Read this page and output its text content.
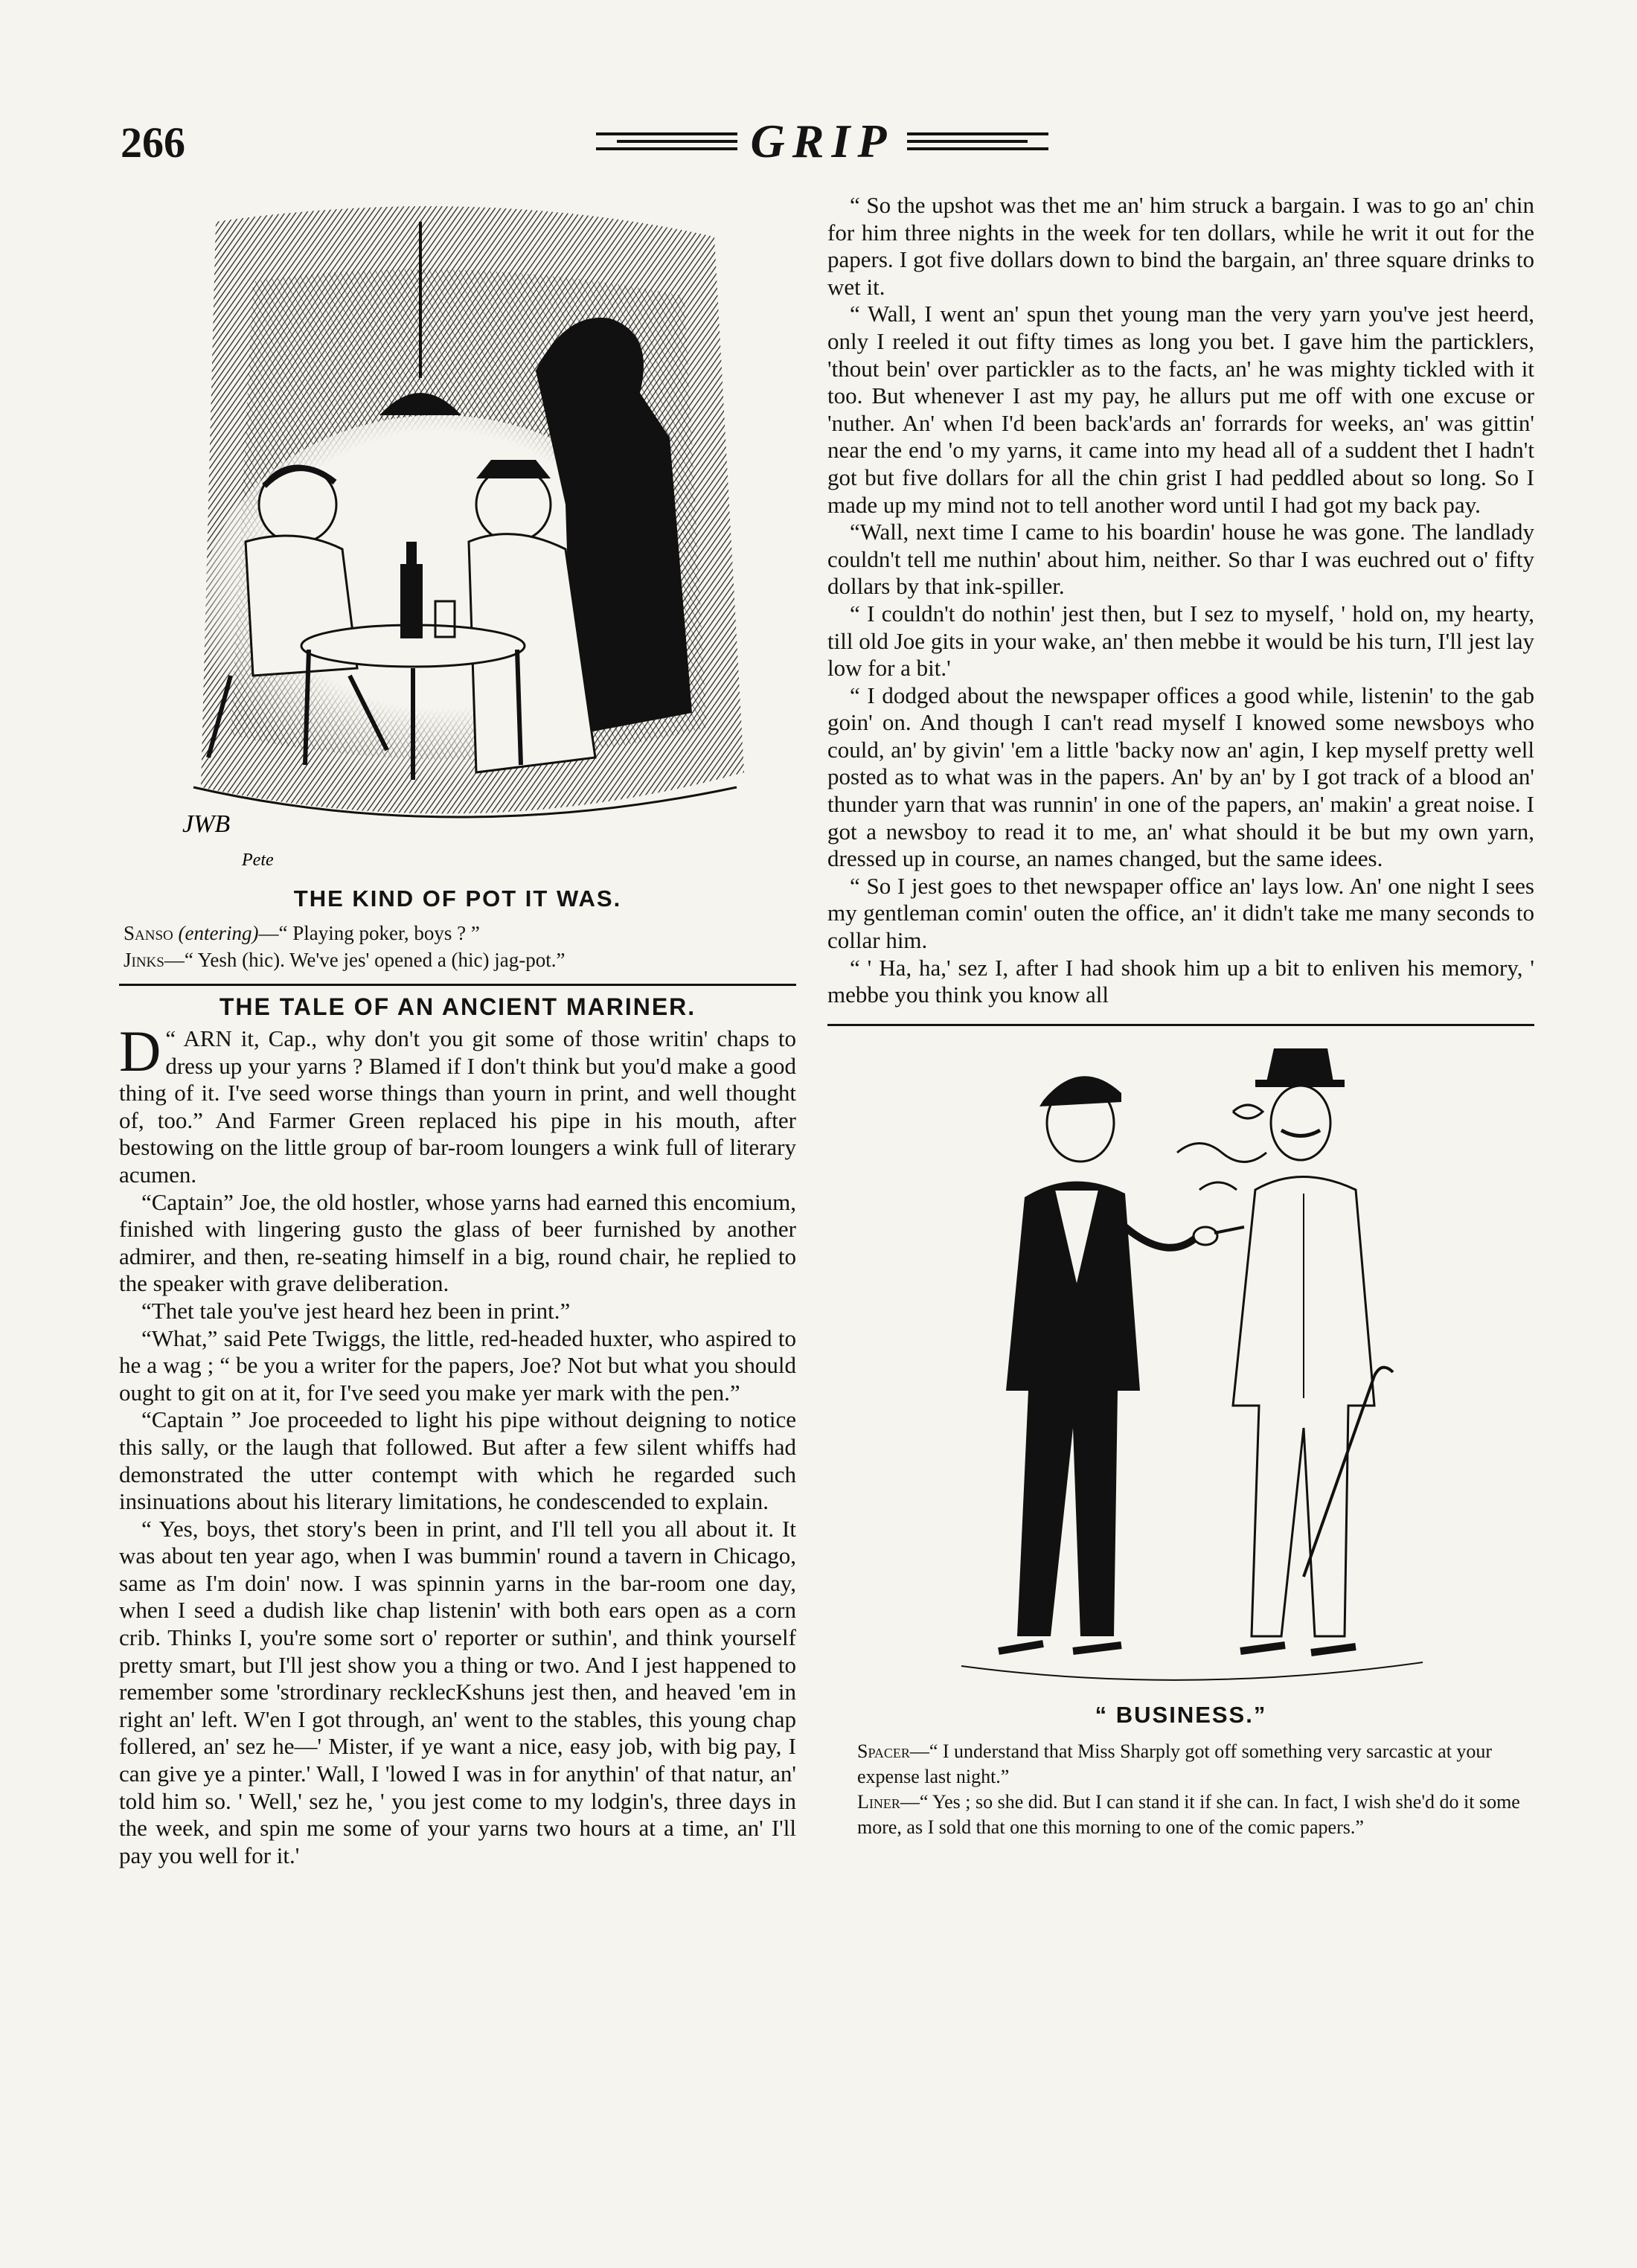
266	GRIP
JWB
Pete
THE KIND OF POT IT WAS.

Sanso (entering)—“ Playing poker, boys ? ”

Jinks—“ Yesh (hic). We've jes' opened a (hic) jag-pot.”

THE TALE OF AN ANCIENT MARINER.

D “ ARN it, Cap., why don't you git some of those writin' chaps to dress up your yarns ? Blamed if I don't think but you'd make a good thing of it. I've seed worse things than yourn in print, and well thought of, too.” And Farmer Green replaced his pipe in his mouth, after bestowing on the little group of bar-room loungers a wink full of literary acumen.

“Captain” Joe, the old hostler, whose yarns had earned this encomium, finished with lingering gusto the glass of beer furnished by another admirer, and then, re-seating himself in a big, round chair, he replied to the speaker with grave deliberation.

“Thet tale you've jest heard hez been in print.”

“What,” said Pete Twiggs, the little, red-headed huxter, who aspired to he a wag ; “ be you a writer for the papers, Joe? Not but what you should ought to git on at it, for I've seed you make yer mark with the pen.”

“Captain ” Joe proceeded to light his pipe without deigning to notice this sally, or the laugh that followed. But after a few silent whiffs had demonstrated the utter contempt with which he regarded such insinuations about his literary limitations, he condescended to explain.

“ Yes, boys, thet story's been in print, and I'll tell you all about it. It was about ten year ago, when I was bummin' round a tavern in Chicago, same as I'm doin' now. I was spinnin yarns in the bar-room one day, when I seed a dudish like chap listenin' with both ears open as a corn crib. Thinks I, you're some sort o' reporter or suthin', and think yourself pretty smart, but I'll jest show you a thing or two. And I jest happened to remember some 'strordinary recklecKshuns jest then, and heaved 'em in right an' left. W'en I got through, an' went to the stables, this young chap follered, an' sez he—' Mister, if ye want a nice, easy job, with big pay, I can give ye a pinter.' Wall, I 'lowed I was in for anythin' of that natur, an' told him so. ' Well,' sez he, ' you jest come to my lodgin's, three days in the week, and spin me some of your yarns two hours at a time, an' I'll pay you well for it.'

“ So the upshot was thet me an' him struck a bargain. I was to go an' chin for him three nights in the week for ten dollars, while he writ it out for the papers. I got five dollars down to bind the bargain, an' three square drinks to wet it.

“ Wall, I went an' spun thet young man the very yarn you've jest heerd, only I reeled it out fifty times as long you bet. I gave him the particklers, 'thout bein' over partickler as to the facts, an' he was mighty tickled with it too. But whenever I ast my pay, he allurs put me off with one excuse or 'nuther. An' when I'd been back'ards an' forrards for weeks, an' was gittin' near the end 'o my yarns, it came into my head all of a suddent thet I hadn't got but five dollars for all the chin grist I had peddled about so long. So I made up my mind not to tell another word until I had got my back pay.

“Wall, next time I came to his boardin' house he was gone. The landlady couldn't tell me nuthin' about him, neither. So thar I was euchred out o' fifty dollars by that ink-spiller.

“ I couldn't do nothin' jest then, but I sez to myself, ' hold on, my hearty, till old Joe gits in your wake, an' then mebbe it would be his turn, I'll jest lay low for a bit.'

“ I dodged about the newspaper offices a good while, listenin' to the gab goin' on. And though I can't read myself I knowed some newsboys who could, an' by givin' 'em a little 'backy now an' agin, I kep myself pretty well posted as to what was in the papers. An' by an' by I got track of a blood an' thunder yarn that was runnin' in one of the papers, an' makin' a great noise. I got a newsboy to read it to me, an' what should it be but my own yarn, dressed up in course, an names changed, but the same idees.

“ So I jest goes to thet newspaper office an' lays low. An' one night I sees my gentleman comin' outen the office, an' it didn't take me many seconds to collar him.

“ ' Ha, ha,' sez I, after I had shook him up a bit to enliven his memory, ' mebbe you think you know all

“ BUSINESS.”

Spacer—“ I understand that Miss Sharply got off something very sarcastic at your expense last night.”

Liner—“ Yes ; so she did. But I can stand it if she can. In fact, I wish she'd do it some more, as I sold that one this morning to one of the comic papers.”
